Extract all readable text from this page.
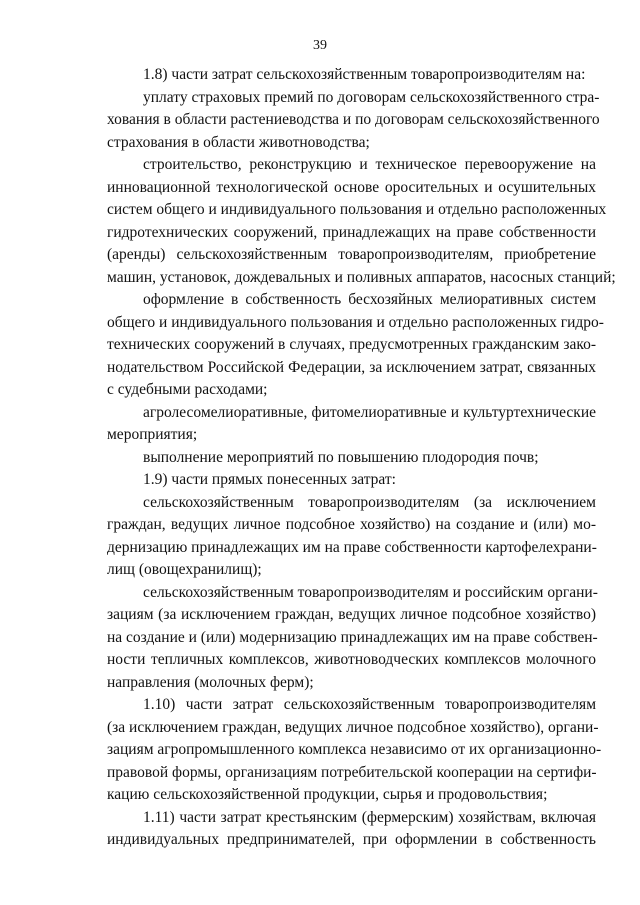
39
1.8) части затрат сельскохозяйственным товаропроизводителям на:
уплату страховых премий по договорам сельскохозяйственного стра-
хования в области растениеводства и по договорам сельскохозяйственного
страхования в области животноводства;
строительство, реконструкцию и техническое перевооружение на
инновационной технологической основе оросительных и осушительных
систем общего и индивидуального пользования и отдельно расположенных
гидротехнических сооружений, принадлежащих на праве собственности
(аренды) сельскохозяйственным товаропроизводителям, приобретение
машин, установок, дождевальных и поливных аппаратов, насосных станций;
оформление в собственность бесхозяйных мелиоративных систем
общего и индивидуального пользования и отдельно расположенных гидро-
технических сооружений в случаях, предусмотренных гражданским зако-
нодательством Российской Федерации, за исключением затрат, связанных
с судебными расходами;
агролесомелиоративные, фитомелиоративные и культуртехнические
мероприятия;
выполнение мероприятий по повышению плодородия почв;
1.9) части прямых понесенных затрат:
сельскохозяйственным товаропроизводителям (за исключением
граждан, ведущих личное подсобное хозяйство) на создание и (или) мо-
дернизацию принадлежащих им на праве собственности картофелехрани-
лищ (овощехранилищ);
сельскохозяйственным товаропроизводителям и российским органи-
зациям (за исключением граждан, ведущих личное подсобное хозяйство)
на создание и (или) модернизацию принадлежащих им на праве собствен-
ности тепличных комплексов, животноводческих комплексов молочного
направления (молочных ферм);
1.10) части затрат сельскохозяйственным товаропроизводителям
(за исключением граждан, ведущих личное подсобное хозяйство), органи-
зациям агропромышленного комплекса независимо от их организационно-
правовой формы, организациям потребительской кооперации на сертифи-
кацию сельскохозяйственной продукции, сырья и продовольствия;
1.11) части затрат крестьянским (фермерским) хозяйствам, включая
индивидуальных предпринимателей, при оформлении в собственность
